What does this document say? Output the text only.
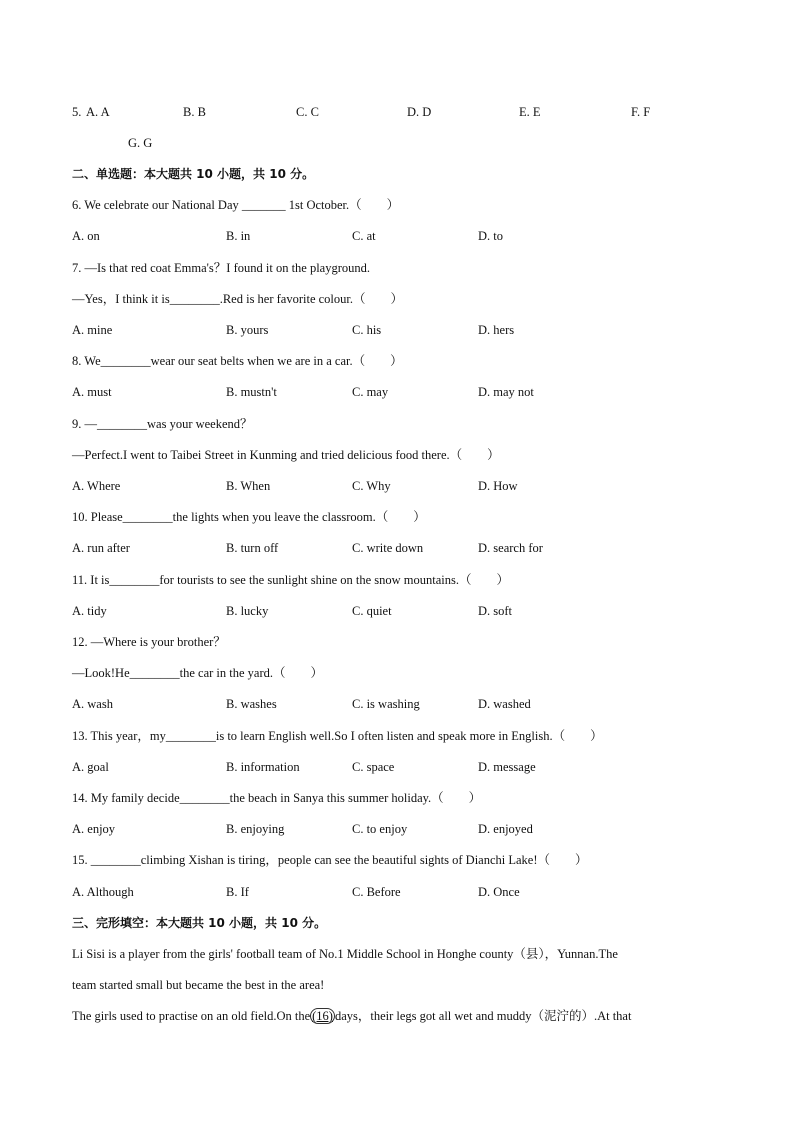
5. A. A	B. B	C. C	D. D	E. E	F. F
G. G
二、单选题：本大题共 10 小题，共 10 分。
6. We celebrate our National Day _______ 1st October.（　　）
A. on	B. in	C. at	D. to
7. —Is that red coat Emma's？I found it on the playground.
—Yes，I think it is________.Red is her favorite colour.（　　）
A. mine	B. yours	C. his	D. hers
8. We________wear our seat belts when we are in a car.（　　）
A. must	B. mustn't	C. may	D. may not
9. —________was your weekend？
—Perfect.I went to Taibei Street in Kunming and tried delicious food there.（　　）
A. Where	B. When	C. Why	D. How
10. Please________the lights when you leave the classroom.（　　）
A. run after	B. turn off	C. write down	D. search for
11. It is________for tourists to see the sunlight shine on the snow mountains.（　　）
A. tidy	B. lucky	C. quiet	D. soft
12. —Where is your brother？
—Look!He________the car in the yard.（　　）
A. wash	B. washes	C. is washing	D. washed
13. This year，my________is to learn English well.So I often listen and speak more in English.（　　）
A. goal	B. information	C. space	D. message
14. My family decide________the beach in Sanya this summer holiday.（　　）
A. enjoy	B. enjoying	C. to enjoy	D. enjoyed
15. ________climbing Xishan is tiring，people can see the beautiful sights of Dianchi Lake!（　　）
A. Although	B. If	C. Before	D. Once
三、完形填空：本大题共 10 小题，共 10 分。
Li Sisi is a player from the girls' football team of No.1 Middle School in Honghe county（县），Yunnan.The
team started small but became the best in the area!
The girls used to practise on an old field.On the (16) days，their legs got all wet and muddy（泥泞的）.At that
